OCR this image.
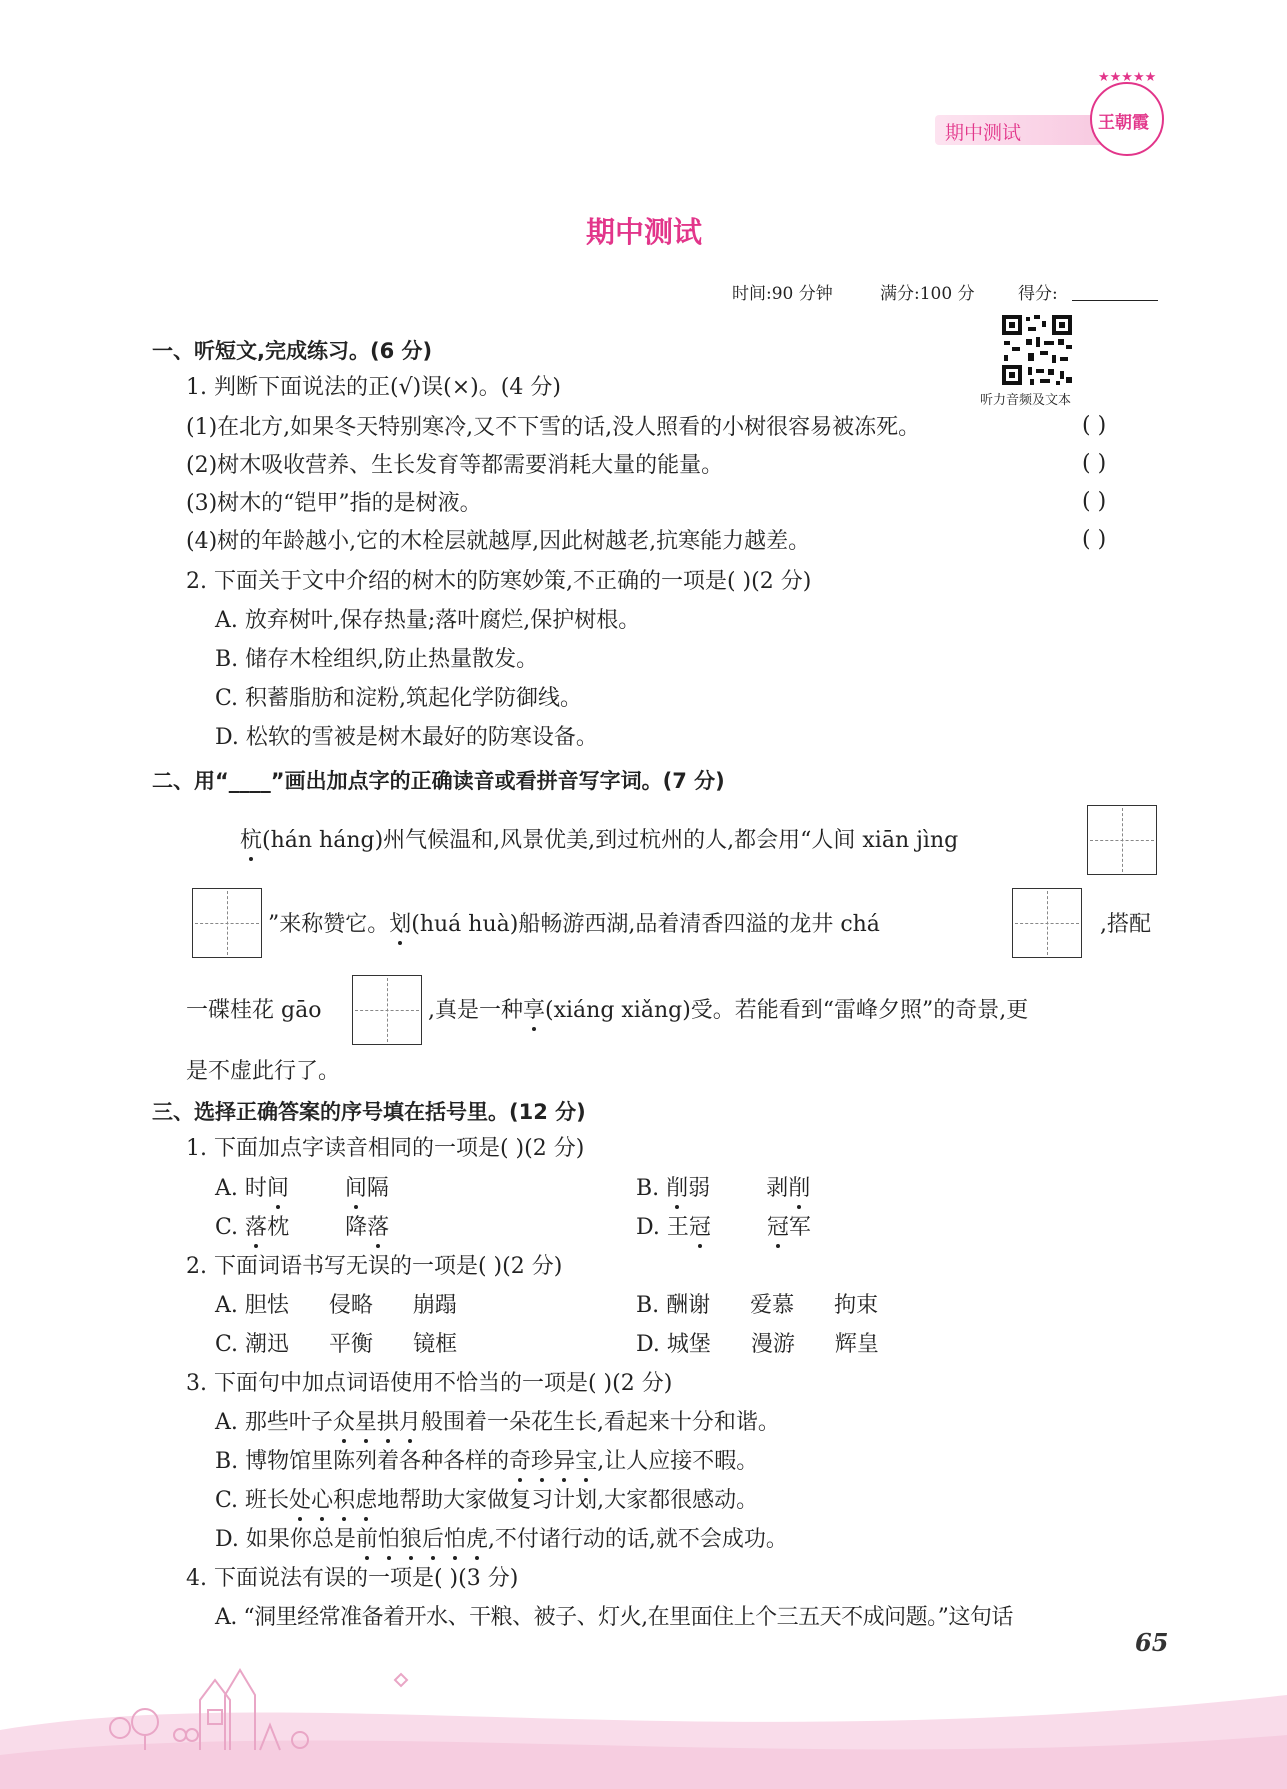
期中测试
★★★★★
王朝霞
期中测试
时间:90 分钟	满分:100 分	得分:
听力音频及文本
一、听短文,完成练习。(6 分)
1. 判断下面说法的正(√)误(×)。(4 分)
(1)在北方,如果冬天特别寒冷,又不下雪的话,没人照看的小树很容易被冻死。	( )
(2)树木吸收营养、生长发育等都需要消耗大量的能量。	( )
(3)树木的“铠甲”指的是树液。	( )
(4)树的年龄越小,它的木栓层就越厚,因此树越老,抗寒能力越差。	( )
2. 下面关于文中介绍的树木的防寒妙策,不正确的一项是( )(2 分)
A. 放弃树叶,保存热量;落叶腐烂,保护树根。
B. 储存木栓组织,防止热量散发。
C. 积蓄脂肪和淀粉,筑起化学防御线。
D. 松软的雪被是树木最好的防寒设备。
二、用“____”画出加点字的正确读音或看拼音写字词。(7 分)
杭(hán háng)州气候温和,风景优美,到过杭州的人,都会用“人间 xiān jìng
”来称赞它。划(huá huà)船畅游西湖,品着清香四溢的龙井 chá	,搭配
一碟桂花 gāo	,真是一种享(xiáng xiǎng)受。若能看到“雷峰夕照”的奇景,更
是不虚此行了。
三、选择正确答案的序号填在括号里。(12 分)
1. 下面加点字读音相同的一项是( )(2 分)
A. 时间	间隔	B. 削弱	剥削
C. 落枕	降落	D. 王冠	冠军
2. 下面词语书写无误的一项是( )(2 分)
A. 胆怯 侵略 崩蹋	B. 酬谢 爱慕 拘束
C. 潮迅 平衡 镜框	D. 城堡 漫游 辉皇
3. 下面句中加点词语使用不恰当的一项是( )(2 分)
A. 那些叶子众星拱月般围着一朵花生长,看起来十分和谐。
B. 博物馆里陈列着各种各样的奇珍异宝,让人应接不暇。
C. 班长处心积虑地帮助大家做复习计划,大家都很感动。
D. 如果你总是前怕狼后怕虎,不付诸行动的话,就不会成功。
4. 下面说法有误的一项是( )(3 分)
A. “洞里经常准备着开水、干粮、被子、灯火,在里面住上个三五天不成问题。”这句话
65
